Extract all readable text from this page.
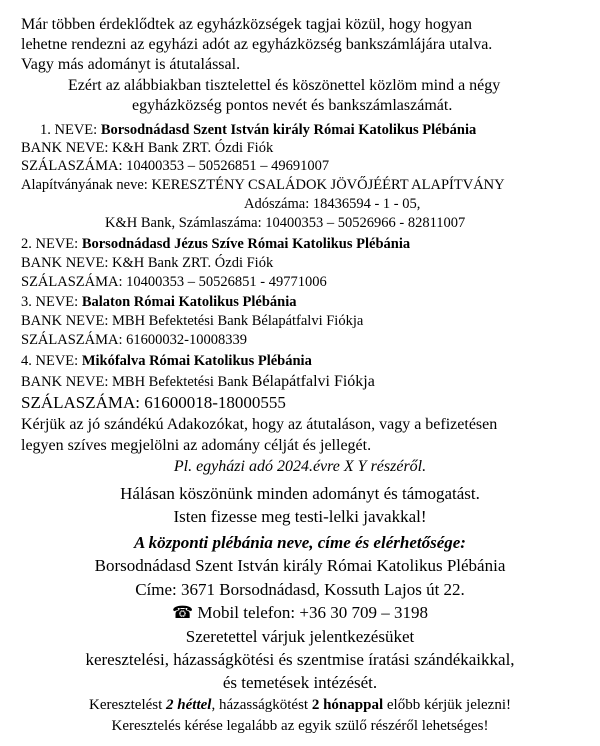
Már többen érdeklődtek az egyházközségek tagjai közül, hogy hogyan
lehetne rendezni az egyházi adót az egyházközség bankszámlájára utalva.
Vagy más adományt is átutalással.
Ezért az alábbiakban tisztelettel és köszönettel közlöm mind a négy
egyházközség pontos nevét és bankszámlaszámát.
1. NEVE: Borsodnádasd Szent István király Római Katolikus Plébánia
BANK NEVE: K&H Bank ZRT. Ózdi Fiók
SZÁLASZÁMA: 10400353 – 50526851 – 49691007
Alapítványának neve: KERESZTÉNY CSALÁDOK JÖVŐJÉÉRT ALAPÍTVÁNY
Adószáma: 18436594 - 1 - 05,
K&H Bank, Számlaszáma: 10400353 – 50526966 - 82811007
2. NEVE: Borsodnádasd Jézus Szíve Római Katolikus Plébánia
BANK NEVE: K&H Bank ZRT. Ózdi Fiók
SZÁLASZÁMA: 10400353 – 50526851 - 49771006
3. NEVE: Balaton Római Katolikus Plébánia
BANK NEVE: MBH Befektetési Bank Bélapátfalvi Fiókja
SZÁLASZÁMA: 61600032-10008339
4. NEVE: Mikófalva Római Katolikus Plébánia
BANK NEVE: MBH Befektetési Bank Bélapátfalvi Fiókja
SZÁLASZÁMA: 61600018-18000555
Kérjük az jó szándékú Adakozókat, hogy az átutaláson, vagy a befizetésen
legyen szíves megjelölni az adomány célját és jellegét.
Pl. egyházi adó 2024.évre X Y részéről.
Hálásan köszönünk minden adományt és támogatást.
Isten fizesse meg testi-lelki javakkal!
A központi plébánia neve, címe és elérhetősége:
Borsodnádasd Szent István király Római Katolikus Plébánia
Címe: 3671 Borsodnádasd, Kossuth Lajos út 22.
☎ Mobil telefon: +36 30 709 – 3198
Szeretettel várjuk jelentkezésüket
keresztelési, házasságkötési és szentmise íratási szándékaikkal,
és temetések intézését.
Keresztelést 2 héttel, házasságkötést 2 hónappal előbb kérjük jelezni!
Keresztelés kérése legalább az egyik szülő részéről lehetséges!
